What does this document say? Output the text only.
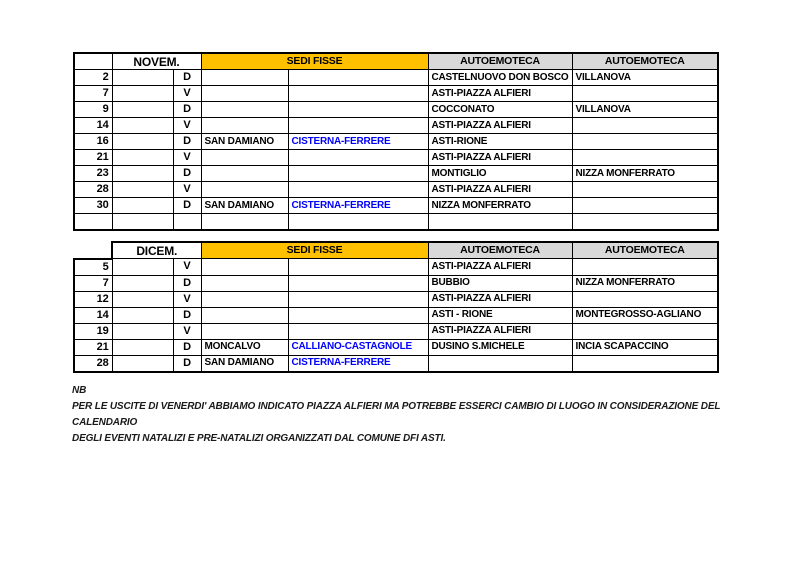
	NOVEM.		SEDI FISSE		AUTOEMOTECA	AUTOEMOTECA
2		D			CASTELNUOVO DON BOSCO	VILLANOVA
7		V			ASTI-PIAZZA ALFIERI	
9		D			COCCONATO	VILLANOVA
14		V			ASTI-PIAZZA ALFIERI	
16		D	SAN DAMIANO	CISTERNA-FERRERE	ASTI-RIONE	
21		V			ASTI-PIAZZA ALFIERI	
23		D			MONTIGLIO	NIZZA MONFERRATO
28		V			ASTI-PIAZZA ALFIERI	
30		D	SAN DAMIANO	CISTERNA-FERRERE	NIZZA MONFERRATO	

	DICEM.		SEDI FISSE		AUTOEMOTECA	AUTOEMOTECA
5		V			ASTI-PIAZZA ALFIERI	
7		D			BUBBIO	NIZZA MONFERRATO
12		V			ASTI-PIAZZA ALFIERI	
14		D			ASTI - RIONE	MONTEGROSSO-AGLIANO
19		V			ASTI-PIAZZA ALFIERI	
21		D	MONCALVO	CALLIANO-CASTAGNOLE	DUSINO S.MICHELE	INCIA SCAPACCINO
28		D	SAN DAMIANO	CISTERNA-FERRERE		
NB
PER LE USCITE DI VENERDI' ABBIAMO INDICATO PIAZZA ALFIERI MA POTREBBE ESSERCI CAMBIO DI LUOGO IN CONSIDERAZIONE DEL CALENDARIO
DEGLI EVENTI NATALIZI E PRE-NATALIZI ORGANIZZATI DAL COMUNE DFI ASTI.
